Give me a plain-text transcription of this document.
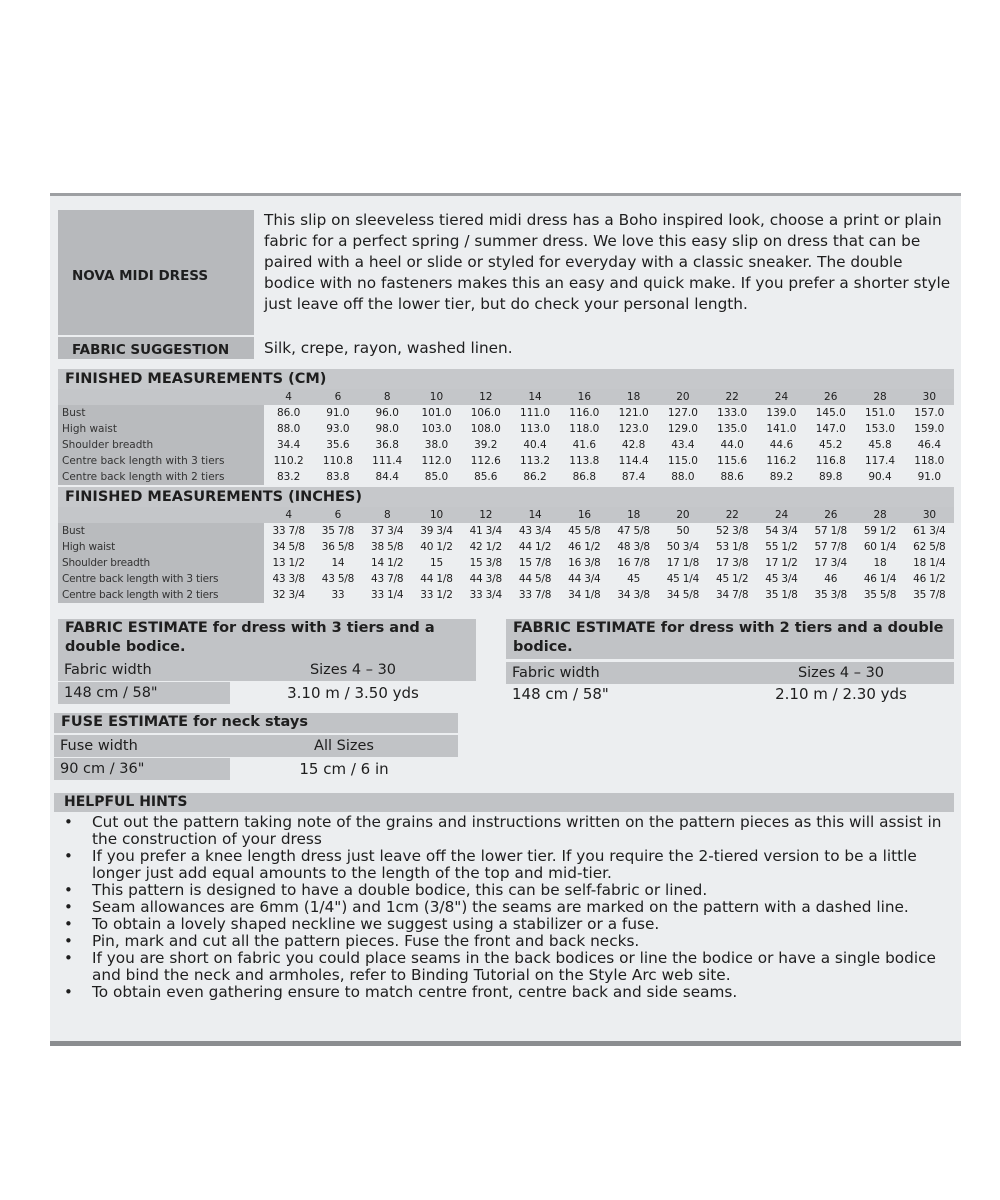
NOVA MIDI DRESS
This slip on sleeveless tiered midi dress has a Boho inspired look, choose a print or plain fabric for a perfect spring / summer dress. We love this easy slip on dress that can be paired with a heel or slide or styled for everyday with a classic sneaker. The double bodice with no fasteners makes this an easy and quick make. If you prefer a shorter style just leave off the lower tier, but do check your personal length.
FABRIC SUGGESTION Silk, crepe, rayon, washed linen.
FINISHED MEASUREMENTS (CM)
	4	6	8	10	12	14	16	18	20	22	24	26	28	30
Bust	86.0	91.0	96.0	101.0	106.0	111.0	116.0	121.0	127.0	133.0	139.0	145.0	151.0	157.0
High waist	88.0	93.0	98.0	103.0	108.0	113.0	118.0	123.0	129.0	135.0	141.0	147.0	153.0	159.0
Shoulder breadth	34.4	35.6	36.8	38.0	39.2	40.4	41.6	42.8	43.4	44.0	44.6	45.2	45.8	46.4
Centre back length with 3 tiers	110.2	110.8	111.4	112.0	112.6	113.2	113.8	114.4	115.0	115.6	116.2	116.8	117.4	118.0
Centre back length with 2 tiers	83.2	83.8	84.4	85.0	85.6	86.2	86.8	87.4	88.0	88.6	89.2	89.8	90.4	91.0
FINISHED MEASUREMENTS (INCHES)
	4	6	8	10	12	14	16	18	20	22	24	26	28	30
Bust	33 7/8	35 7/8	37 3/4	39 3/4	41 3/4	43 3/4	45 5/8	47 5/8	50	52 3/8	54 3/4	57 1/8	59 1/2	61 3/4
High waist	34 5/8	36 5/8	38 5/8	40 1/2	42 1/2	44 1/2	46 1/2	48 3/8	50 3/4	53 1/8	55 1/2	57 7/8	60 1/4	62 5/8
Shoulder breadth	13 1/2	14	14 1/2	15	15 3/8	15 7/8	16 3/8	16 7/8	17 1/8	17 3/8	17 1/2	17 3/4	18	18 1/4
Centre back length with 3 tiers	43 3/8	43 5/8	43 7/8	44 1/8	44 3/8	44 5/8	44 3/4	45	45 1/4	45 1/2	45 3/4	46	46 1/4	46 1/2
Centre back length with 2 tiers	32 3/4	33	33 1/4	33 1/2	33 3/4	33 7/8	34 1/8	34 3/8	34 5/8	34 7/8	35 1/8	35 3/8	35 5/8	35 7/8
FABRIC ESTIMATE for dress with 3 tiers and a double bodice.
Fabric width	Sizes 4 – 30
148 cm / 58"	3.10 m / 3.50 yds
FABRIC ESTIMATE for dress with 2 tiers and a double bodice.
Fabric width	Sizes 4 – 30
148 cm / 58"	2.10 m / 2.30 yds
FUSE ESTIMATE for neck stays
Fuse width	All Sizes
90 cm / 36"	15 cm / 6 in
HELPFUL HINTS
• Cut out the pattern taking note of the grains and instructions written on the pattern pieces as this will assist in the construction of your dress
• If you prefer a knee length dress just leave off the lower tier. If you require the 2-tiered version to be a little longer just add equal amounts to the length of the top and mid-tier.
• This pattern is designed to have a double bodice, this can be self-fabric or lined.
• Seam allowances are 6mm (1/4") and 1cm (3/8") the seams are marked on the pattern with a dashed line.
• To obtain a lovely shaped neckline we suggest using a stabilizer or a fuse.
• Pin, mark and cut all the pattern pieces. Fuse the front and back necks.
• If you are short on fabric you could place seams in the back bodices or line the bodice or have a single bodice and bind the neck and armholes, refer to Binding Tutorial on the Style Arc web site.
• To obtain even gathering ensure to match centre front, centre back and side seams.
